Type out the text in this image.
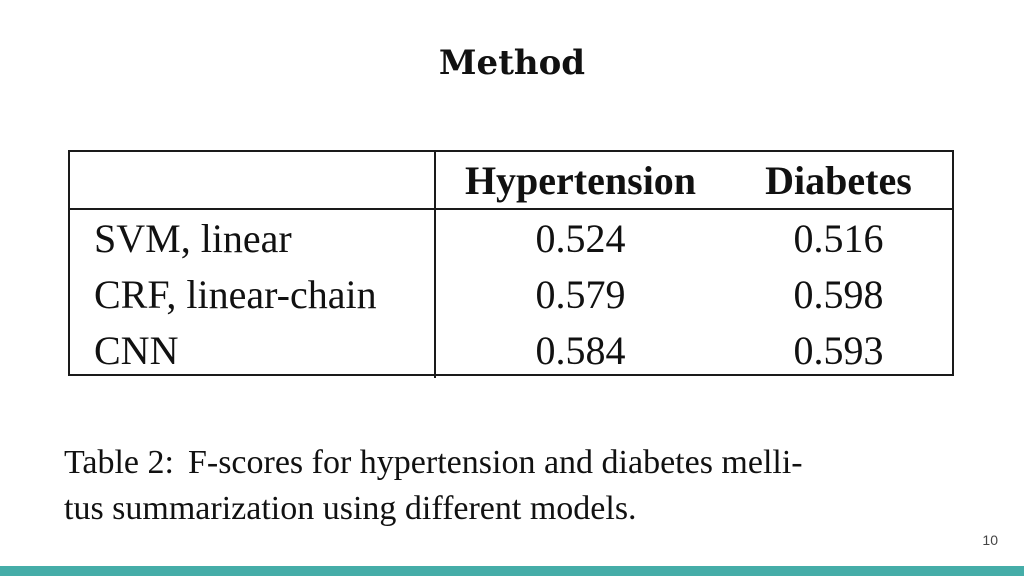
Method
	Hypertension	Diabetes
SVM, linear	0.524	0.516
CRF, linear-chain	0.579	0.598
CNN	0.584	0.593
Table 2: F-scores for hypertension and diabetes melli-
tus summarization using different models.
10
